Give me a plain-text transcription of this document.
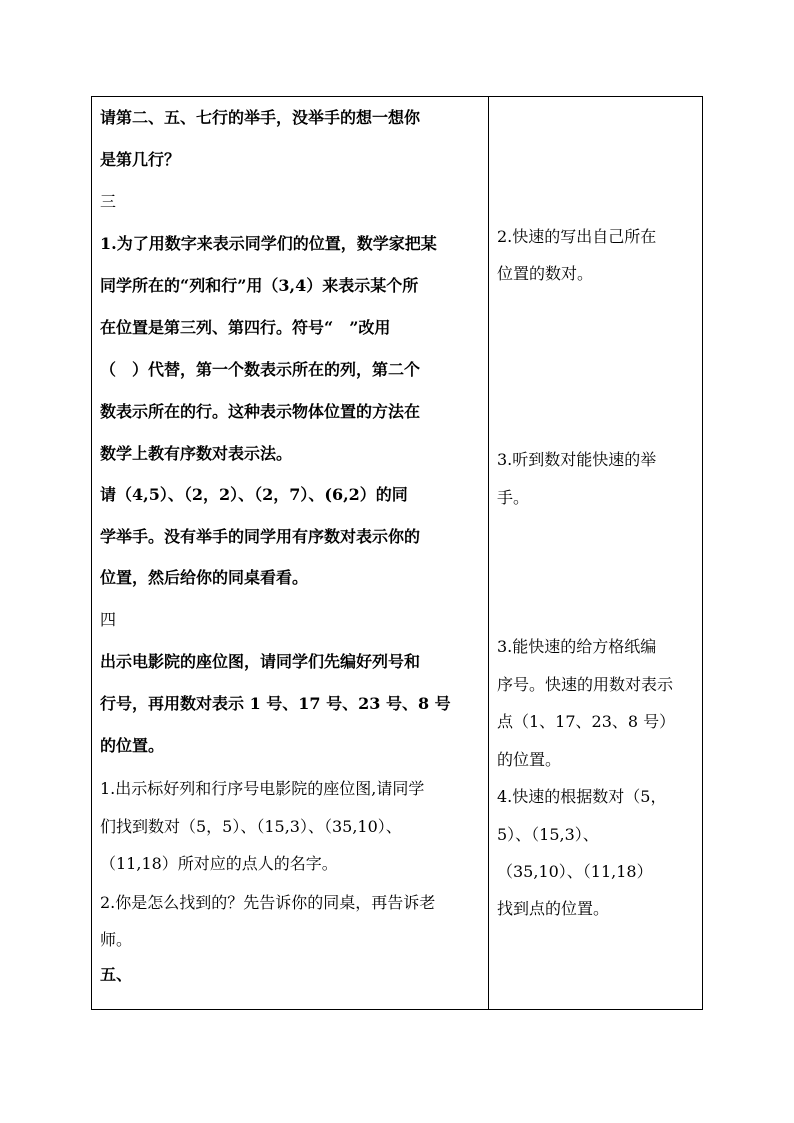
请第二、五、七行的举手，没举手的想一想你
是第几行？
三
1.为了用数字来表示同学们的位置，数学家把某
同学所在的“列和行”用（3,4）来表示某个所
在位置是第三列、第四行。符号“　”改用
（　）代替，第一个数表示所在的列，第二个
数表示所在的行。这种表示物体位置的方法在
数学上教有序数对表示法。
请（4,5）、（2，2）、（2，7）、(6,2）的同
学举手。没有举手的同学用有序数对表示你的
位置，然后给你的同桌看看。
四
出示电影院的座位图，请同学们先编好列号和
行号，再用数对表示 1 号、17 号、23 号、8 号
的位置。
1.出示标好列和行序号电影院的座位图,请同学
们找到数对（5，5）、（15,3）、（35,10）、
（11,18）所对应的点人的名字。
2.你是怎么找到的？先告诉你的同桌，再告诉老
师。
五、
2.快速的写出自己所在
位置的数对。
3.听到数对能快速的举
手。
3.能快速的给方格纸编
序号。快速的用数对表示
点（1、17、23、8 号）
的位置。
4.快速的根据数对（5，
5）、（15,3）、
（35,10）、（11,18）
找到点的位置。
